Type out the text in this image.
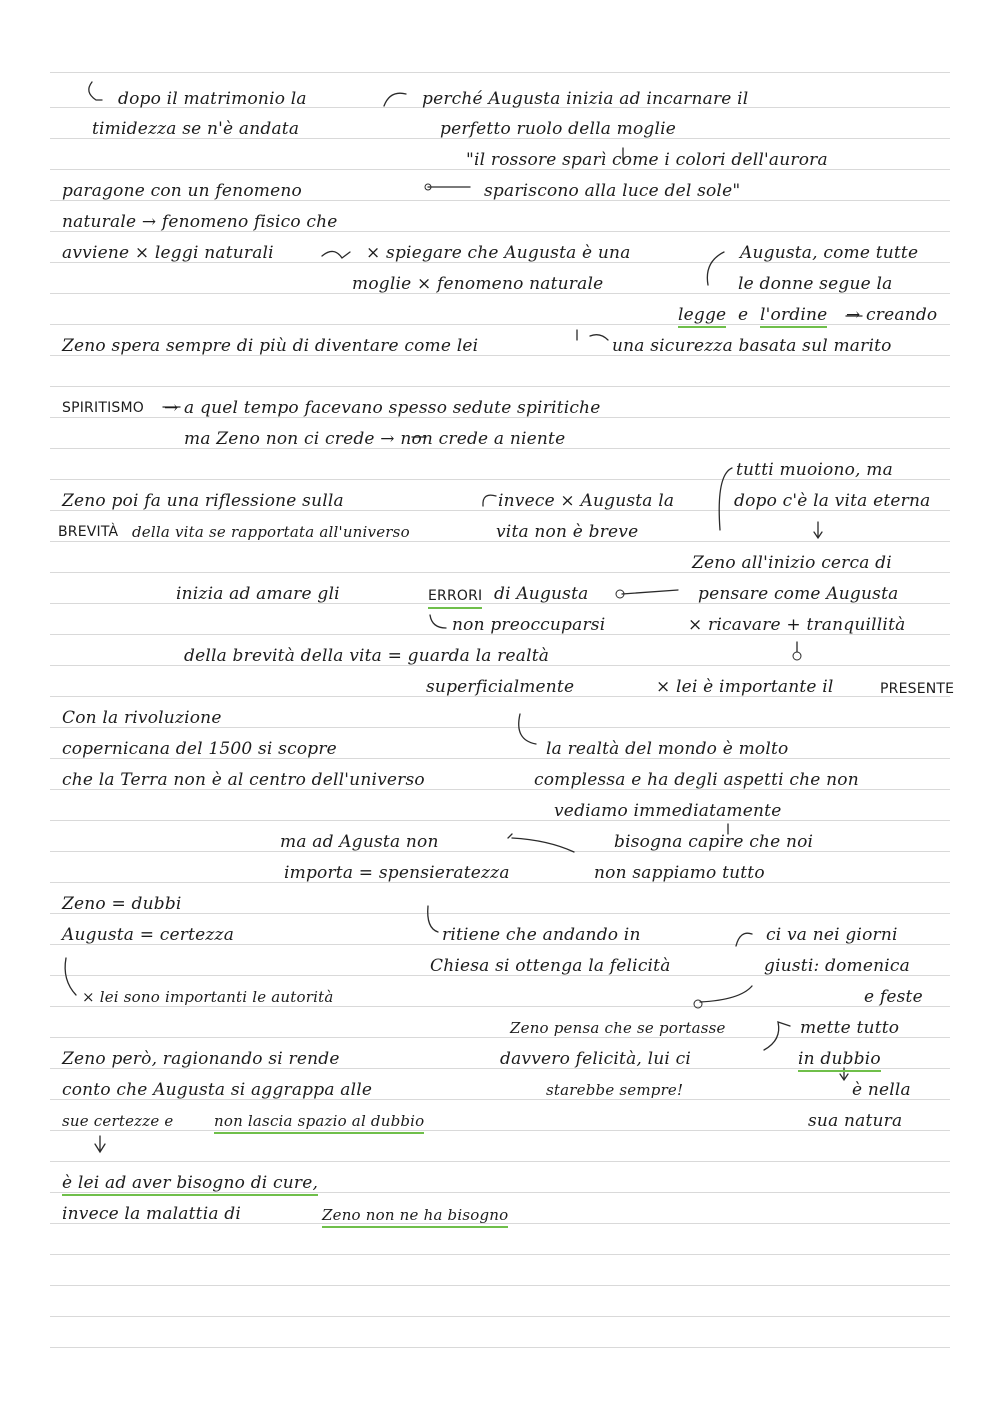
dopo il matrimonio la	perché Augusta inizia ad incarnare il
timidezza se n'è andata	perfetto ruolo della moglie
"il rossore sparì come i colori dell'aurora
paragone con un fenomeno	spariscono alla luce del sole"
naturale → fenomeno fisico che
avviene × leggi naturali	× spiegare che Augusta è una	Augusta, come tutte
moglie × fenomeno naturale	le donne segue la
legge e l'ordine → creando
Zeno spera sempre di più di diventare come lei	una sicurezza basata sul marito
SPIRITISMO → a quel tempo facevano spesso sedute spiritiche
ma Zeno non ci crede → non crede a niente
tutti muoiono, ma
Zeno poi fa una riflessione sulla	invece × Augusta la	dopo c'è la vita eterna
BREVITÀ della vita se rapportata all'universo	vita non è breve
Zeno all'inizio cerca di
inizia ad amare gli	ERRORI di Augusta	pensare come Augusta
non preoccuparsi	× ricavare + tranquillità
della brevità della vita = guarda la realtà
superficialmente	× lei è importante il	PRESENTE
Con la rivoluzione
copernicana del 1500 si scopre	la realtà del mondo è molto
che la Terra non è al centro dell'universo	complessa e ha degli aspetti che non
vediamo immediatamente
ma ad Agusta non	bisogna capire che noi
importa = spensieratezza	non sappiamo tutto
Zeno = dubbi
Augusta = certezza	ritiene che andando in	ci va nei giorni
Chiesa si ottenga la felicità	giusti: domenica
× lei sono importanti le autorità	e feste
Zeno pensa che se portasse	mette tutto
Zeno però, ragionando si rende	davvero felicità, lui ci	in dubbio
conto che Augusta si aggrappa alle	starebbe sempre!	è nella
sue certezze e	non lascia spazio al dubbio	sua natura
è lei ad aver bisogno di cure,
invece la malattia di	Zeno non ne ha bisogno
